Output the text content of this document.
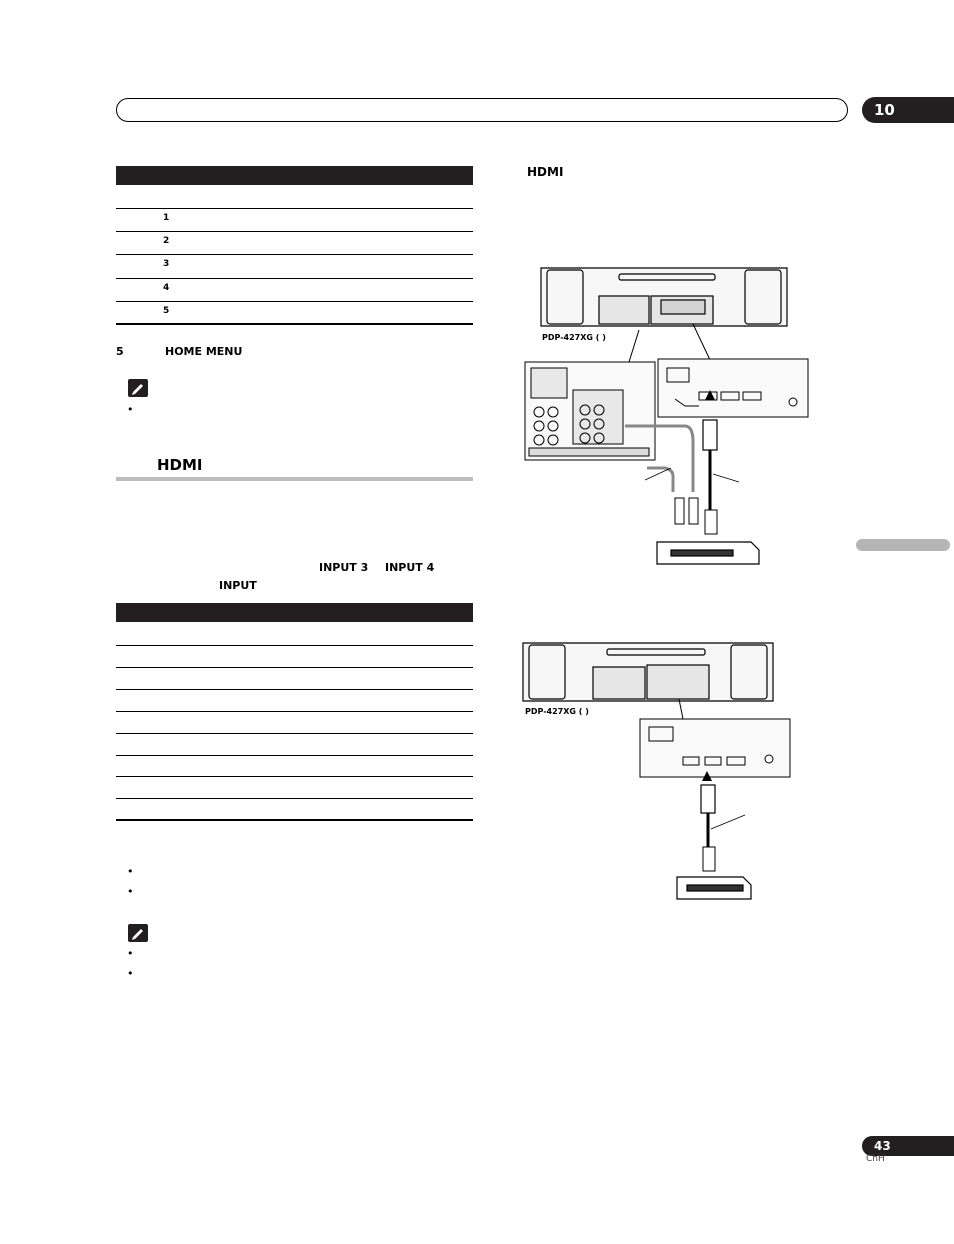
10
1
2
3
4
5
5	HOME MENU
•
HDMI
INPUT 3 INPUT 4
INPUT
•
•
•
•
HDMI
PDP-427XG ( )
PDP-427XG ( )
43
ChH
